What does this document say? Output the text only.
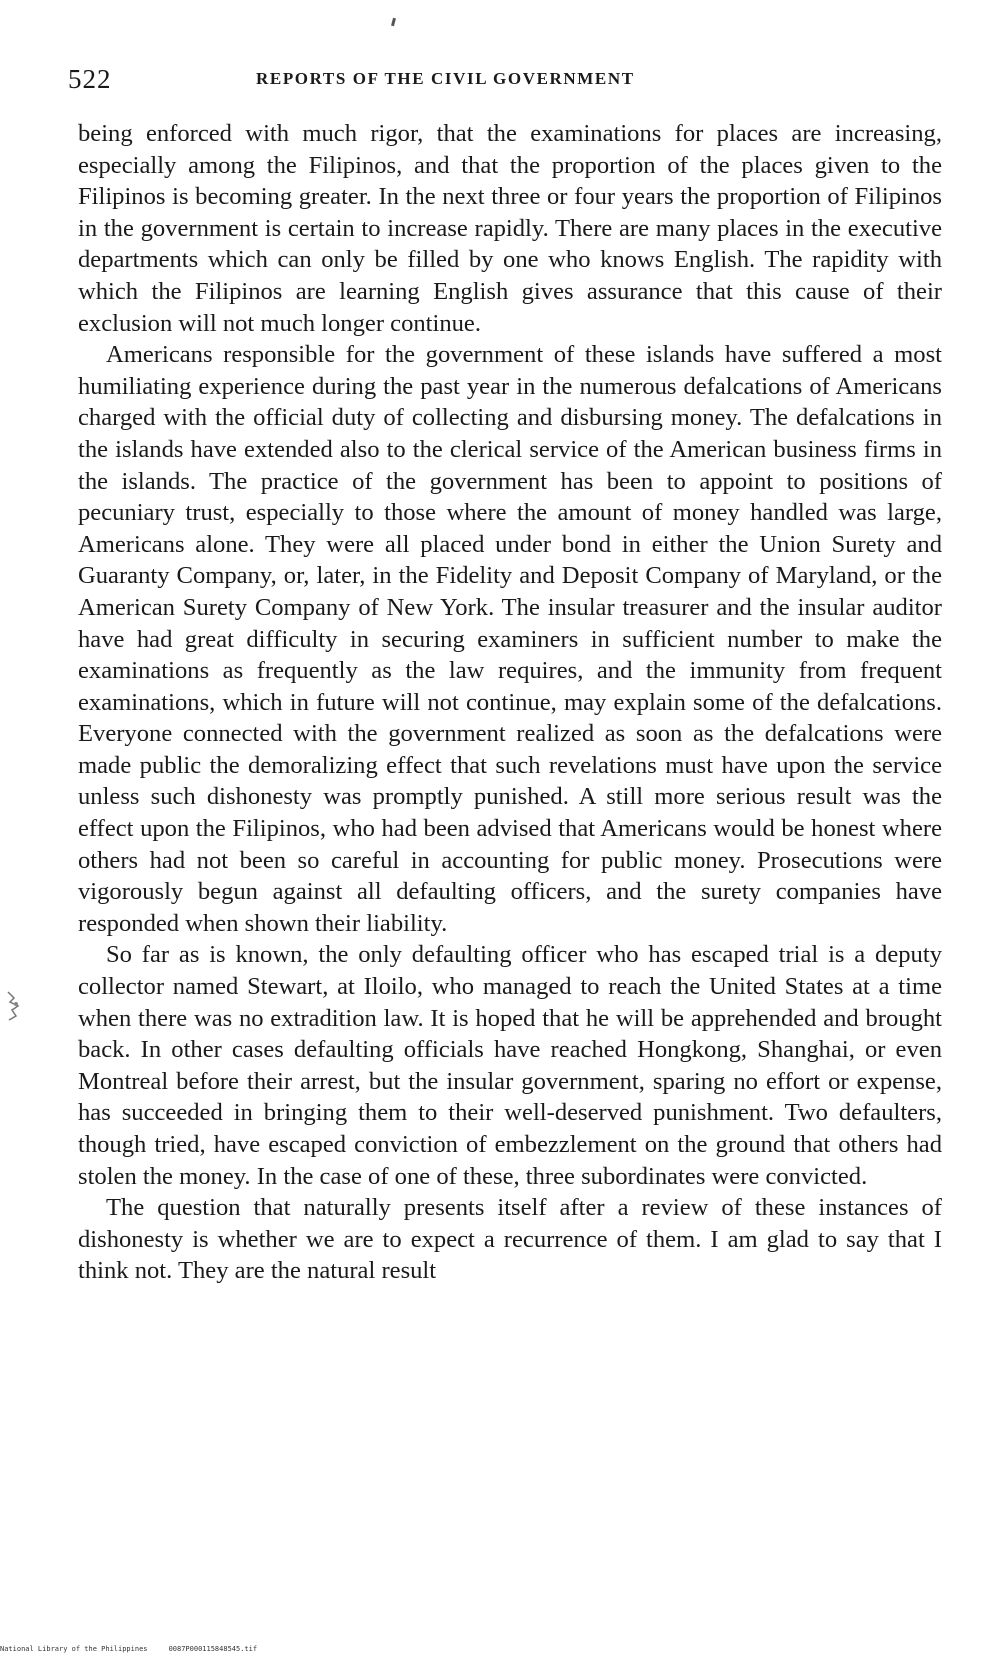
522	REPORTS OF THE CIVIL GOVERNMENT

being enforced with much rigor, that the examinations for places are increasing, especially among the Filipinos, and that the proportion of the places given to the Filipinos is becoming greater. In the next three or four years the proportion of Filipinos in the government is certain to increase rapidly. There are many places in the executive departments which can only be filled by one who knows English. The rapidity with which the Filipinos are learning English gives assurance that this cause of their exclusion will not much longer continue.

Americans responsible for the government of these islands have suffered a most humiliating experience during the past year in the numerous defalcations of Americans charged with the official duty of collecting and disbursing money. The defalcations in the islands have extended also to the clerical service of the American business firms in the islands. The practice of the government has been to appoint to positions of pecuniary trust, especially to those where the amount of money handled was large, Americans alone. They were all placed under bond in either the Union Surety and Guaranty Company, or, later, in the Fidelity and Deposit Company of Maryland, or the American Surety Company of New York. The insular treasurer and the insular auditor have had great difficulty in securing examiners in sufficient number to make the examinations as frequently as the law requires, and the immunity from frequent examinations, which in future will not continue, may explain some of the defalcations. Everyone connected with the government realized as soon as the defalcations were made public the demoralizing effect that such revelations must have upon the service unless such dishonesty was promptly punished. A still more serious result was the effect upon the Filipinos, who had been advised that Americans would be honest where others had not been so careful in accounting for public money. Prosecutions were vigorously begun against all defaulting officers, and the surety companies have responded when shown their liability.

So far as is known, the only defaulting officer who has escaped trial is a deputy collector named Stewart, at Iloilo, who managed to reach the United States at a time when there was no extradition law. It is hoped that he will be apprehended and brought back. In other cases defaulting officials have reached Hongkong, Shanghai, or even Montreal before their arrest, but the insular government, sparing no effort or expense, has succeeded in bringing them to their well-deserved punishment. Two defaulters, though tried, have escaped conviction of embezzlement on the ground that others had stolen the money. In the case of one of these, three subordinates were convicted.

The question that naturally presents itself after a review of these instances of dishonesty is whether we are to expect a recurrence of them. I am glad to say that I think not. They are the natural result

National Library of the Philippines     0087P000115848545.tif
